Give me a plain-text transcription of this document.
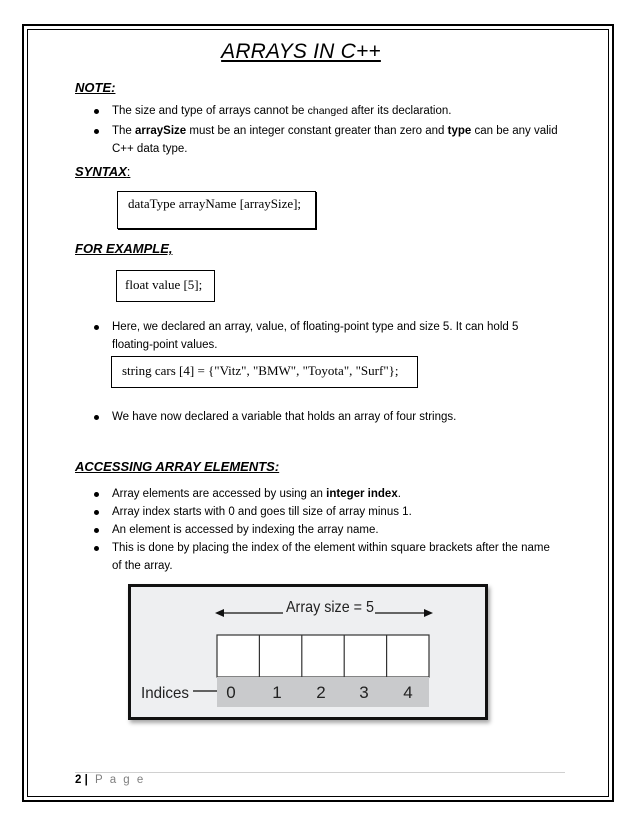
ARRAYS IN C++
NOTE:
The size and type of arrays cannot be changed after its declaration.
The arraySize must be an integer constant greater than zero and type can be any valid
C++ data type.
SYNTAX:
dataType arrayName [arraySize];
FOR EXAMPLE,
float value [5];
Here, we declared an array, value, of floating-point type and size 5. It can hold 5
floating-point values.
string cars [4] = {"Vitz", "BMW", "Toyota", "Surf"};
We have now declared a variable that holds an array of four strings.
ACCESSING ARRAY ELEMENTS:
Array elements are accessed by using an integer index.
Array index starts with 0 and goes till size of array minus 1.
An element is accessed by indexing the array name.
This is done by placing the index of the element within square brackets after the name
of the array.
Array size = 5
Indices 0 1 2 3 4
2 | P a g e
